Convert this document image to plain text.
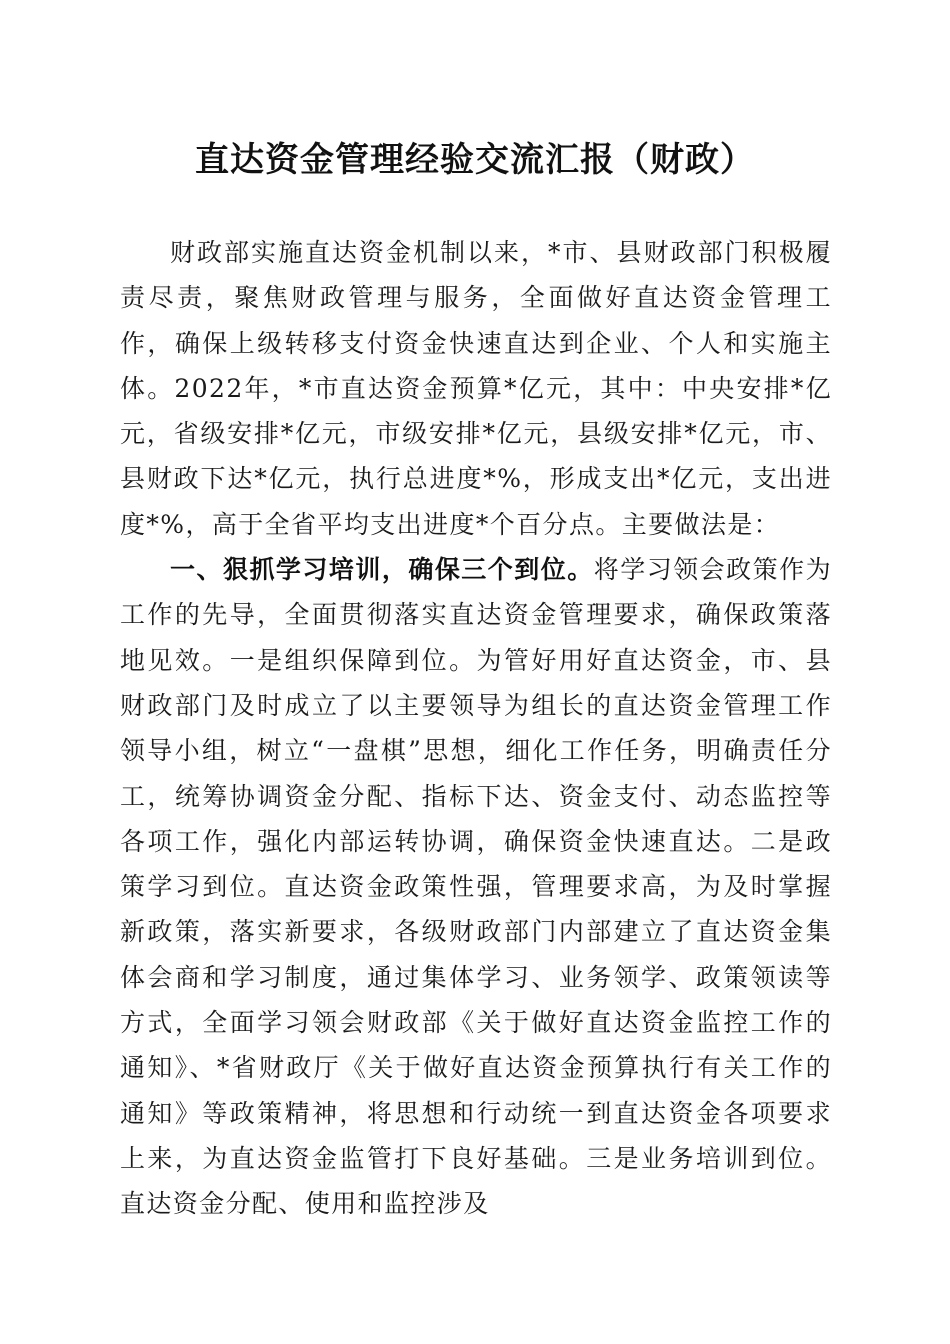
直达资金管理经验交流汇报（财政）

财政部实施直达资金机制以来，*市、县财政部门积极履责尽责，聚焦财政管理与服务，全面做好直达资金管理工作，确保上级转移支付资金快速直达到企业、个人和实施主体。2022年，*市直达资金预算*亿元，其中：中央安排*亿元，省级安排*亿元，市级安排*亿元，县级安排*亿元，市、县财政下达*亿元，执行总进度*%，形成支出*亿元，支出进度*%，高于全省平均支出进度*个百分点。主要做法是：

一、狠抓学习培训，确保三个到位。将学习领会政策作为工作的先导，全面贯彻落实直达资金管理要求，确保政策落地见效。一是组织保障到位。为管好用好直达资金，市、县财政部门及时成立了以主要领导为组长的直达资金管理工作领导小组，树立“一盘棋”思想，细化工作任务，明确责任分工，统筹协调资金分配、指标下达、资金支付、动态监控等各项工作，强化内部运转协调，确保资金快速直达。二是政策学习到位。直达资金政策性强，管理要求高，为及时掌握新政策，落实新要求，各级财政部门内部建立了直达资金集体会商和学习制度，通过集体学习、业务领学、政策领读等方式，全面学习领会财政部《关于做好直达资金监控工作的通知》、*省财政厅《关于做好直达资金预算执行有关工作的通知》等政策精神，将思想和行动统一到直达资金各项要求上来，为直达资金监管打下良好基础。三是业务培训到位。直达资金分配、使用和监控涉及
